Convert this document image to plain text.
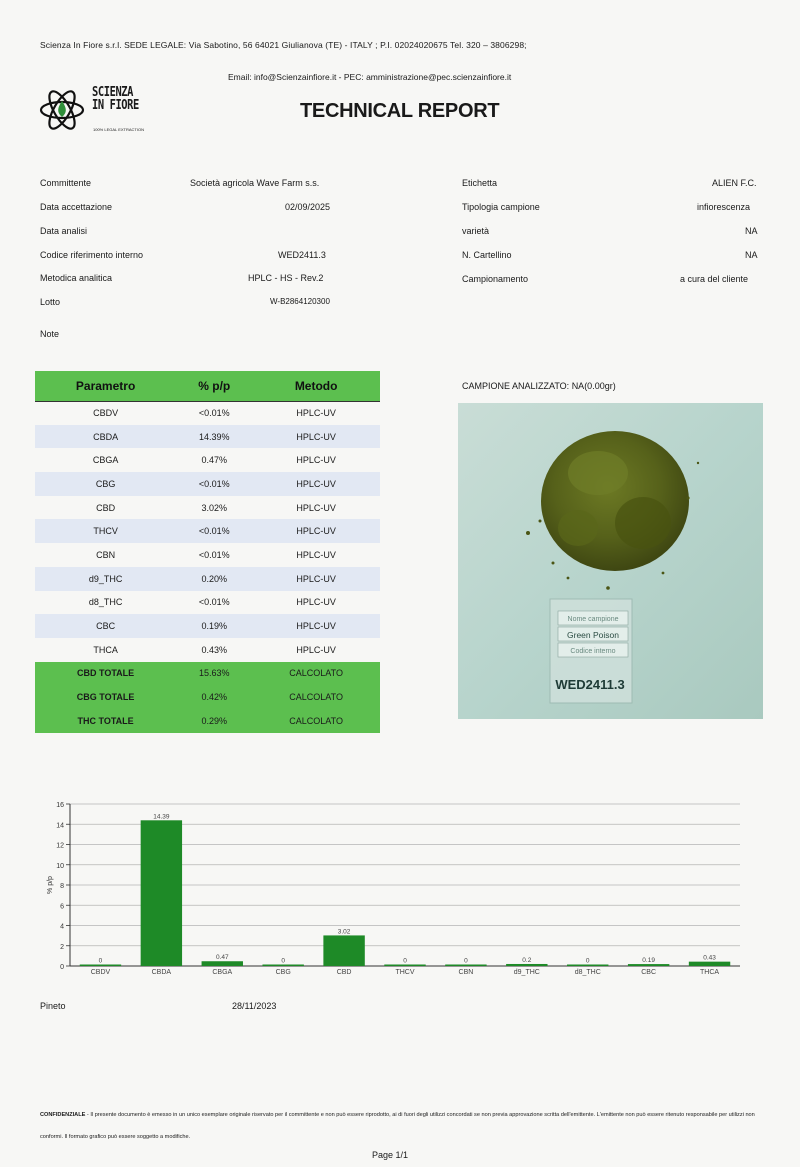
Scienza In Fiore s.r.l. SEDE LEGALE: Via Sabotino, 56 64021 Giulianova (TE) - ITALY ; P.I. 02024020675 Tel. 320 – 3806298;
Email: info@Scienzainfiore.it - PEC: amministrazione@pec.scienzainfiore.it
SCIENZA
IN FIORE
100% LEGAL EXTRACTION
TECHNICAL REPORT
Committente	Società agricola Wave Farm s.s.
Data accettazione	02/09/2025
Data analisi
Codice riferimento interno	WED2411.3
Metodica analitica	HPLC - HS - Rev.2
Lotto	W-B2864120300
Note
Etichetta	ALIEN F.C.
Tipologia campione	infiorescenza
varietà	NA
N. Cartellino	NA
Campionamento	a cura del cliente
Parametro	% p/p	Metodo
CBDV	<0.01%	HPLC-UV
CBDA	14.39%	HPLC-UV
CBGA	0.47%	HPLC-UV
CBG	<0.01%	HPLC-UV
CBD	3.02%	HPLC-UV
THCV	<0.01%	HPLC-UV
CBN	<0.01%	HPLC-UV
d9_THC	0.20%	HPLC-UV
d8_THC	<0.01%	HPLC-UV
CBC	0.19%	HPLC-UV
THCA	0.43%	HPLC-UV
CBD TOTALE	15.63%	CALCOLATO
CBG TOTALE	0.42%	CALCOLATO
THC TOTALE	0.29%	CALCOLATO
CAMPIONE ANALIZZATO: NA(0.00gr)
Nome campione
Green Poison
Codice interno
WED2411.3
0
2
4
6
8
10
12
14
16
% p/p
0
CBDV
14.39
CBDA
0.47
CBGA
0
CBG
3.02
CBD
0
THCV
0
CBN
0.2
d9_THC
0
d8_THC
0.19
CBC
0.43
THCA
Pineto	28/11/2023
CONFIDENZIALE - Il presente documento è emesso in un unico esemplare originale riservato per il committente e non può essere riprodotto, ai di fuori degli utilizzi concordati se non previa approvazione scritta dell'emittente. L'emittente non può essere ritenuto responsabile per utilizzi non conformi. Il formato grafico può essere soggetto a modifiche.
Page 1/1
